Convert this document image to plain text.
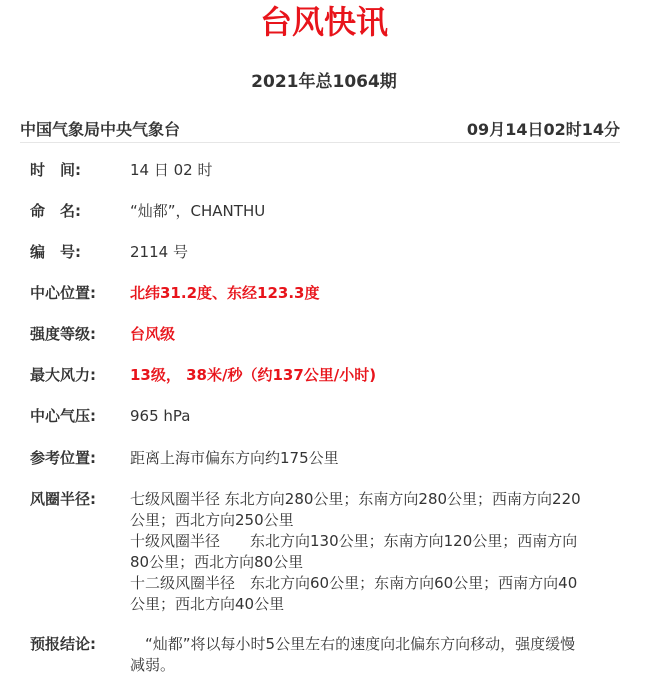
台风快讯
2021年总1064期
中国气象局中央气象台	09月14日02时14分
时　间:	14 日 02 时
命　名:	“灿都”，CHANTHU
编　号:	2114 号
中心位置:	北纬31.2度、东经123.3度
强度等级:	台风级
最大风力:	13级， 38米/秒（约137公里/小时)
中心气压:	965 hPa
参考位置:	距离上海市偏东方向约175公里
风圈半径:	七级风圈半径 东北方向280公里；东南方向280公里；西南方向220
公里；西北方向250公里
十级风圈半径　　东北方向130公里；东南方向120公里；西南方向
80公里；西北方向80公里
十二级风圈半径　东北方向60公里；东南方向60公里；西南方向40
公里；西北方向40公里
预报结论:	　“灿都”将以每小时5公里左右的速度向北偏东方向移动，强度缓慢
减弱。
